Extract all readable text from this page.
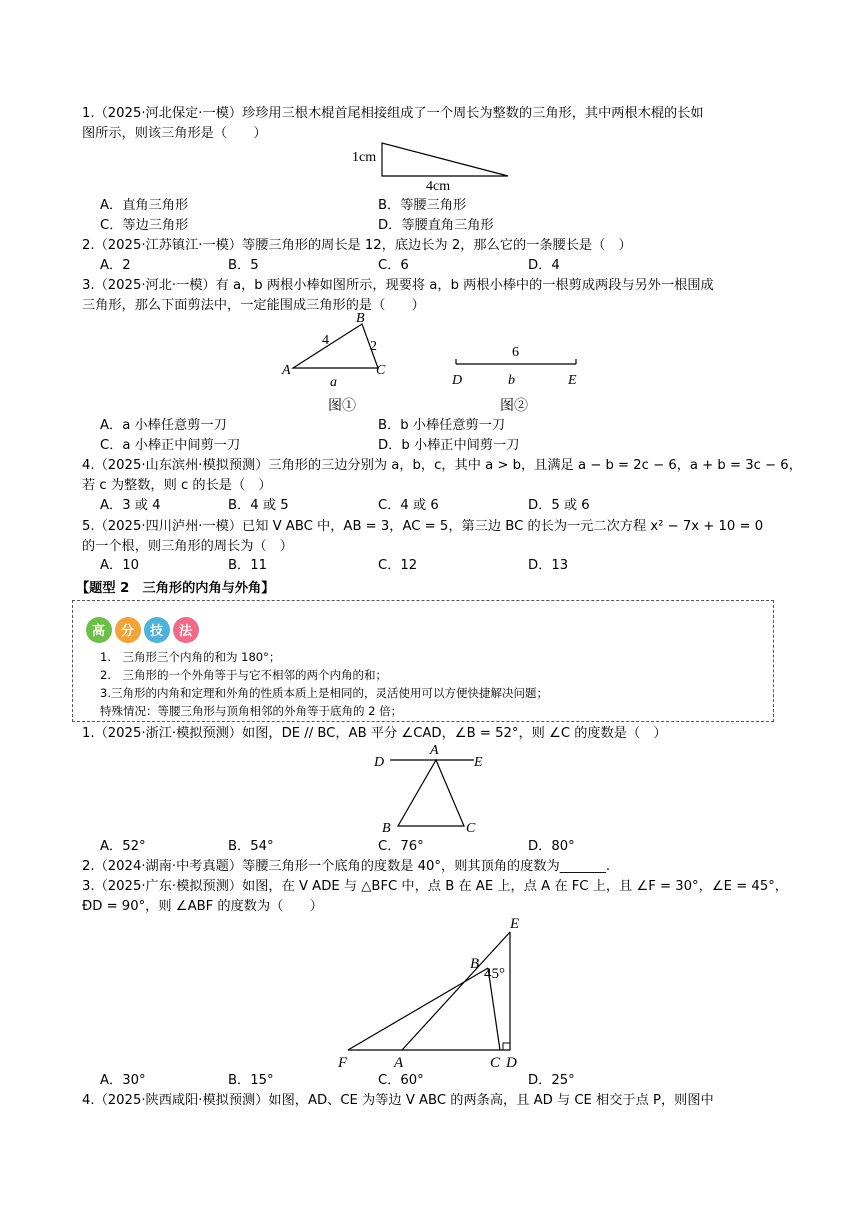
1.（2025·河北保定·一模）珍珍用三根木棍首尾相接组成了一个周长为整数的三角形，其中两根木棍的长如
图所示，则该三角形是（　　）
1cm
4cm
A．直角三角形	B．等腰三角形
C．等边三角形	D．等腰直角三角形
2.（2025·江苏镇江·一模）等腰三角形的周长是 12，底边长为 2，那么它的一条腰长是（　）
A．2	B．5	C．6	D．4
3.（2025·河北·一模）有 a，b 两根小棒如图所示，现要将 a，b 两根小棒中的一根剪成两段与另外一根围成
三角形，那么下面剪法中，一定能围成三角形的是（　　）
A
B
C
4	2
a
图①
6
D	b	E
图②
A．a 小棒任意剪一刀	B．b 小棒任意剪一刀
C．a 小棒正中间剪一刀	D．b 小棒正中间剪一刀
4.（2025·山东滨州·模拟预测）三角形的三边分别为 a，b，c，其中 a > b，且满足 a − b = 2c − 6，a + b = 3c − 6，
若 c 为整数，则 c 的长是（　）
A．3 或 4	B．4 或 5	C．4 或 6	D．5 或 6
5.（2025·四川泸州·一模）已知 V ABC 中，AB = 3，AC = 5，第三边 BC 的长为一元二次方程 x² − 7x + 10 = 0
的一个根，则三角形的周长为（　）
A．10	B．11	C．12	D．13
【题型 2　三角形的内角与外角】
高 分 技 法
1.　三角形三个内角的和为 180°；
2.　三角形的一个外角等于与它不相邻的两个内角的和；
3.三角形的内角和定理和外角的性质本质上是相同的，灵活使用可以方便快捷解决问题；
特殊情况：等腰三角形与顶角相邻的外角等于底角的 2 倍；
1.（2025·浙江·模拟预测）如图，DE // BC，AB 平分 ∠CAD，∠B = 52°，则 ∠C 的度数是（　）
A
D	E
B	C
A．52°	B．54°	C．76°	D．80°
2.（2024·湖南·中考真题）等腰三角形一个底角的度数是 40°，则其顶角的度数为_______.
3.（2025·广东·模拟预测）如图，在 V ADE 与 △BFC 中，点 B 在 AE 上，点 A 在 FC 上，且 ∠F = 30°，∠E = 45°，
ÐD = 90°，则 ∠ABF 的度数为（　　）
E
B
45°
F	A	C D
A．30°	B．15°	C．60°	D．25°
4.（2025·陕西咸阳·模拟预测）如图，AD、CE 为等边 V ABC 的两条高，且 AD 与 CE 相交于点 P，则图中
